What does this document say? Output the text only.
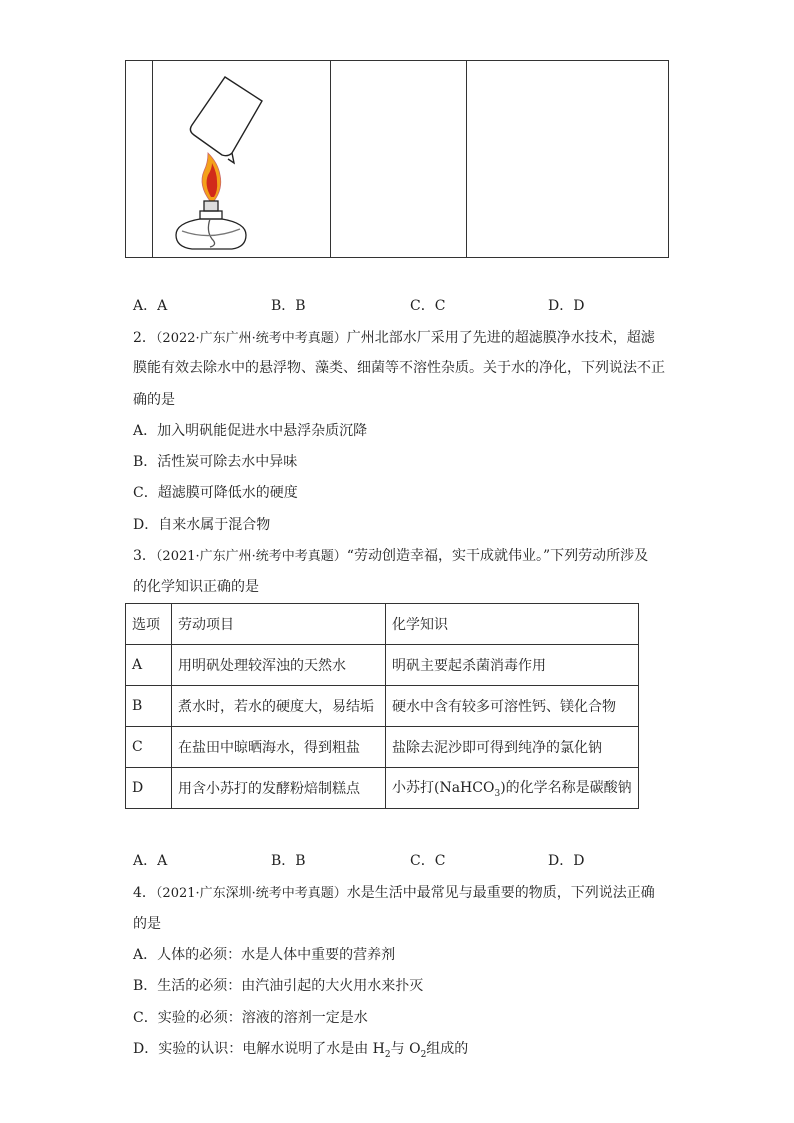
A．A	B．B	C．C	D．D
2．（2022·广东广州·统考中考真题）广州北部水厂采用了先进的超滤膜净水技术，超滤
膜能有效去除水中的悬浮物、藻类、细菌等不溶性杂质。关于水的净化，下列说法不正
确的是
A．加入明矾能促进水中悬浮杂质沉降
B．活性炭可除去水中异味
C．超滤膜可降低水的硬度
D．自来水属于混合物
3．（2021·广东广州·统考中考真题）“劳动创造幸福，实干成就伟业。”下列劳动所涉及
的化学知识正确的是
选项	劳动项目	化学知识
A	用明矾处理较浑浊的天然水	明矾主要起杀菌消毒作用
B	煮水时，若水的硬度大，易结垢	硬水中含有较多可溶性钙、镁化合物
C	在盐田中晾晒海水，得到粗盐	盐除去泥沙即可得到纯净的氯化钠
D	用含小苏打的发酵粉焙制糕点	小苏打(NaHCO$_3$)的化学名称是碳酸钠
A．A	B．B	C．C	D．D
4．（2021·广东深圳·统考中考真题）水是生活中最常见与最重要的物质，下列说法正确
的是
A．人体的必须：水是人体中重要的营养剂
B．生活的必须：由汽油引起的大火用水来扑灭
C．实验的必须：溶液的溶剂一定是水
D．实验的认识：电解水说明了水是由 $H_2$与 $O_2$组成的
